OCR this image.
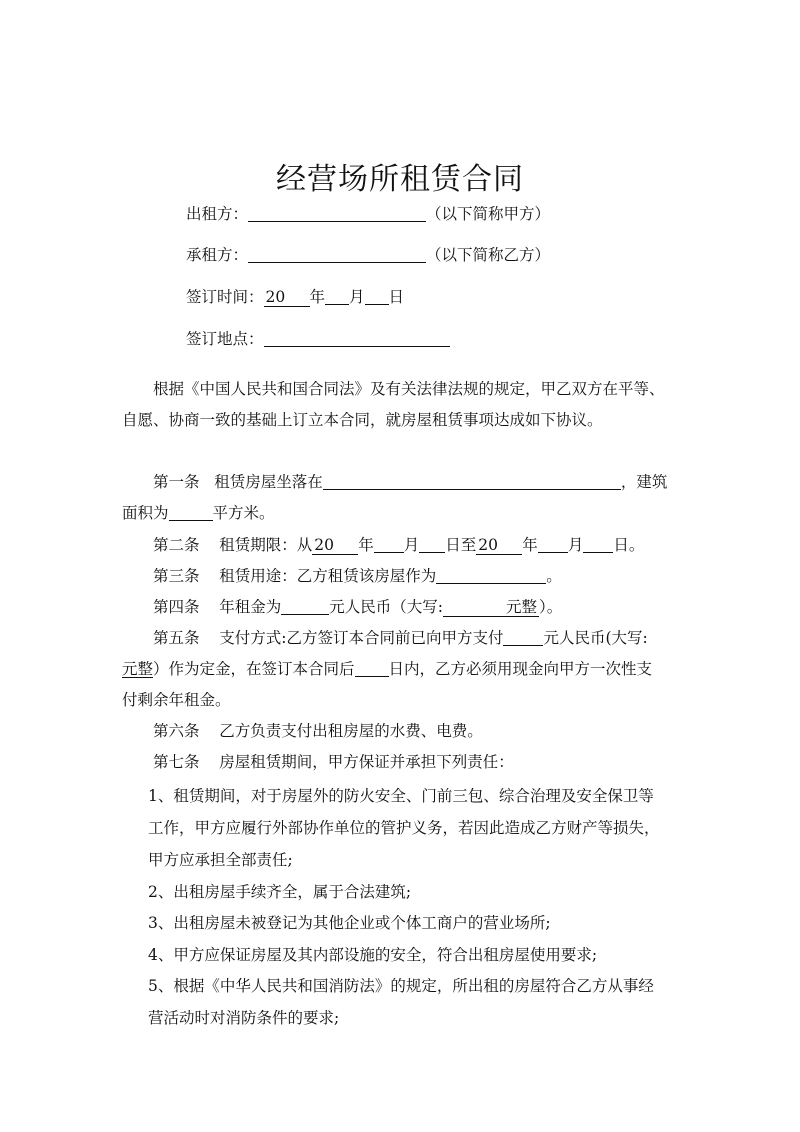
经营场所租赁合同
出租方：	（以下简称甲方）
承租方：	（以下简称乙方）
签订时间： 20 年 月 日
签订地点：
根据《中国人民共和国合同法》及有关法律法规的规定，甲乙双方在平等、
自愿、协商一致的基础上订立本合同，就房屋租赁事项达成如下协议。
第一条 租赁房屋坐落在	，建筑
面积为	平方米。
第二条 租赁期限：从 20 年 月 日至 20 年 月 日。
第三条 租赁用途：乙方租赁该房屋作为	。
第四条 年租金为	元人民币（大写:	元整 ）。
第五条 支付方式:乙方签订本合同前已向甲方支付	元人民币(大写:
元整）作为定金，在签订本合同后 日内，乙方必须用现金向甲方一次性支
付剩余年租金。
第六条 乙方负责支付出租房屋的水费、电费。
第七条 房屋租赁期间，甲方保证并承担下列责任：
1、租赁期间，对于房屋外的防火安全、门前三包、综合治理及安全保卫等
工作，甲方应履行外部协作单位的管护义务，若因此造成乙方财产等损失，
甲方应承担全部责任;
2、出租房屋手续齐全，属于合法建筑;
3、出租房屋未被登记为其他企业或个体工商户的营业场所;
4、甲方应保证房屋及其内部设施的安全，符合出租房屋使用要求;
5、根据《中华人民共和国消防法》的规定，所出租的房屋符合乙方从事经
营活动时对消防条件的要求;
